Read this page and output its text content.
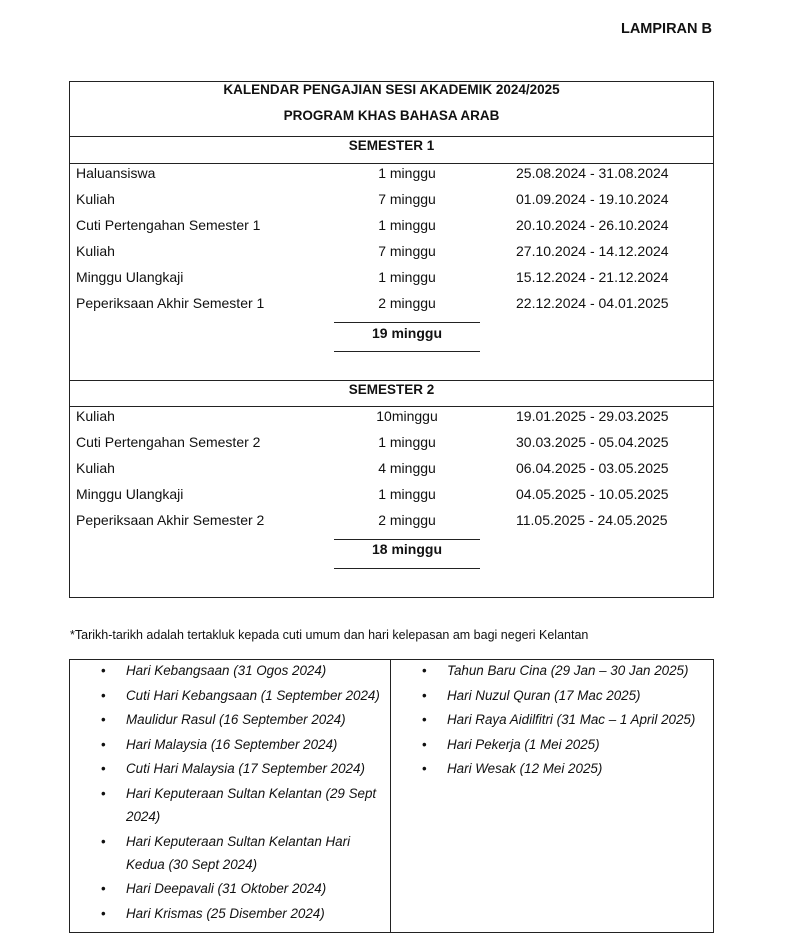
LAMPIRAN B
KALENDAR PENGAJIAN SESI AKADEMIK 2024/2025
PROGRAM KHAS BAHASA ARAB
SEMESTER 1
Haluansiswa	1 minggu	25.08.2024 - 31.08.2024
Kuliah	7 minggu	01.09.2024 - 19.10.2024
Cuti Pertengahan Semester 1	1 minggu	20.10.2024 - 26.10.2024
Kuliah	7 minggu	27.10.2024 - 14.12.2024
Minggu Ulangkaji	1 minggu	15.12.2024 - 21.12.2024
Peperiksaan Akhir Semester 1	2 minggu	22.12.2024 - 04.01.2025
19 minggu
SEMESTER 2
Kuliah	10minggu	19.01.2025 - 29.03.2025
Cuti Pertengahan Semester 2	1 minggu	30.03.2025 - 05.04.2025
Kuliah	4 minggu	06.04.2025 - 03.05.2025
Minggu Ulangkaji	1 minggu	04.05.2025 - 10.05.2025
Peperiksaan Akhir Semester 2	2 minggu	11.05.2025 - 24.05.2025
18 minggu
*Tarikh-tarikh adalah tertakluk kepada cuti umum dan hari kelepasan am bagi negeri Kelantan
• Hari Kebangsaan (31 Ogos 2024)
• Cuti Hari Kebangsaan (1 September 2024)
• Maulidur Rasul (16 September 2024)
• Hari Malaysia (16 September 2024)
• Cuti Hari Malaysia (17 September 2024)
• Hari Keputeraan Sultan Kelantan (29 Sept 2024)
• Hari Keputeraan Sultan Kelantan Hari Kedua (30 Sept 2024)
• Hari Deepavali (31 Oktober 2024)
• Hari Krismas (25 Disember 2024)
• Tahun Baru Cina (29 Jan – 30 Jan 2025)
• Hari Nuzul Quran (17 Mac 2025)
• Hari Raya Aidilfitri (31 Mac – 1 April 2025)
• Hari Pekerja (1 Mei 2025)
• Hari Wesak (12 Mei 2025)
